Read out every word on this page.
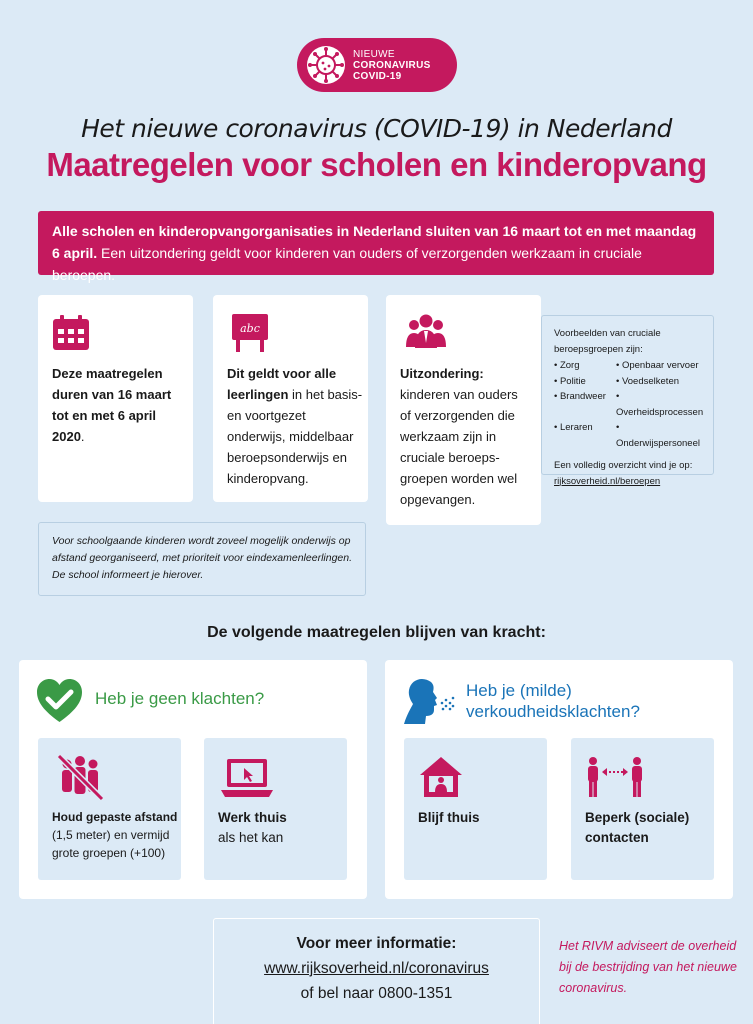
NIEUWE
CORONAVIRUS
COVID-19
Het nieuwe coronavirus (COVID-19) in Nederland
Maatregelen voor scholen en kinderopvang
Alle scholen en kinderopvangorganisaties in Nederland sluiten van 16 maart tot en met maandag 6 april. Een uitzondering geldt voor kinderen van ouders of verzorgenden werkzaam in cruciale beroepen.
Deze maatregelen duren van 16 maart tot en met 6 april 2020.
abc
Dit geldt voor alle leerlingen in het basis- en voortgezet onderwijs, middelbaar beroepsonderwijs en kinderopvang.
Uitzondering: kinderen van ouders of verzorgenden die werkzaam zijn in cruciale beroeps-groepen worden wel opgevangen.
Voorbeelden van cruciale beroepsgroepen zijn:
• Zorg	• Openbaar vervoer
• Politie	• Voedselketen
• Brandweer	• Overheidsprocessen
• Leraren	• Onderwijspersoneel
Een volledig overzicht vind je op:
rijksoverheid.nl/beroepen
Voor schoolgaande kinderen wordt zoveel mogelijk onderwijs op afstand georganiseerd, met prioriteit voor eindexamenleerlingen. De school informeert je hierover.
De volgende maatregelen blijven van kracht:
Heb je geen klachten?
Houd gepaste afstand
(1,5 meter) en vermijd grote groepen (+100)
Werk thuis
als het kan
Heb je (milde)
verkoudheidsklachten?
Blijf thuis	Beperk (sociale) contacten
Voor meer informatie:
www.rijksoverheid.nl/coronavirus
of bel naar 0800-1351
Het RIVM adviseert de overheid bij de bestrijding van het nieuwe coronavirus.
